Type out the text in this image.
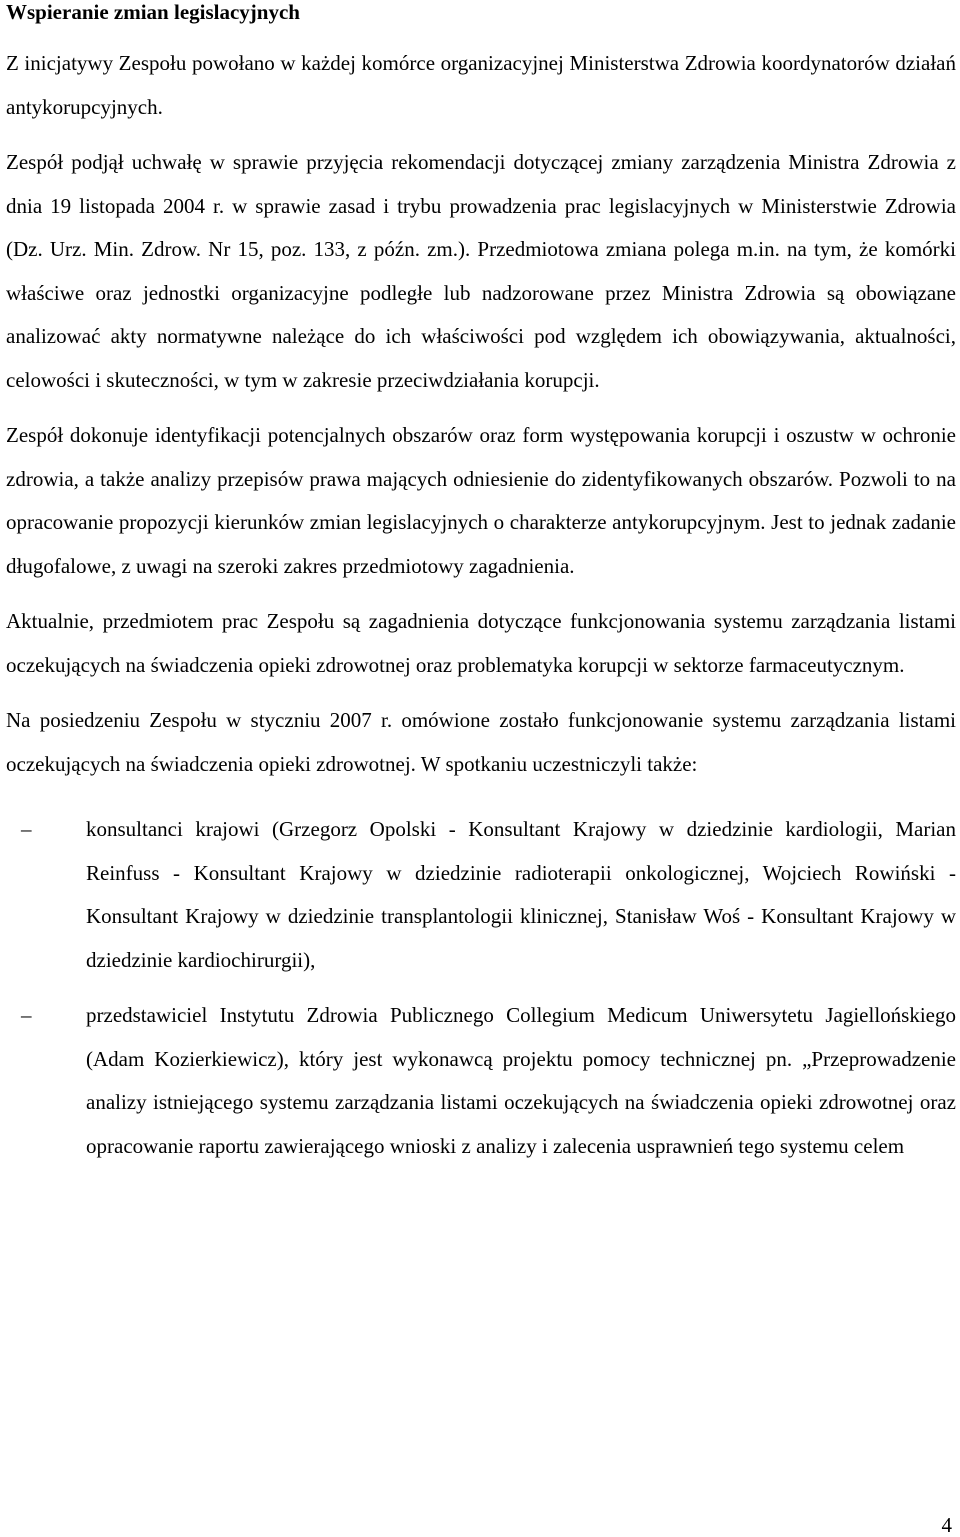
Wspieranie zmian legislacyjnych

Z inicjatywy Zespołu powołano w każdej komórce organizacyjnej Ministerstwa Zdrowia koordynatorów działań antykorupcyjnych.

Zespół podjął uchwałę w sprawie przyjęcia rekomendacji dotyczącej zmiany zarządzenia Ministra Zdrowia z dnia 19 listopada 2004 r. w sprawie zasad i trybu prowadzenia prac legislacyjnych w Ministerstwie Zdrowia (Dz. Urz. Min. Zdrow. Nr 15, poz. 133, z późn. zm.). Przedmiotowa zmiana polega m.in. na tym, że komórki właściwe oraz jednostki organizacyjne podległe lub nadzorowane przez Ministra Zdrowia są obowiązane analizować akty normatywne należące do ich właściwości pod względem ich obowiązywania, aktualności, celowości i skuteczności, w tym w zakresie przeciwdziałania korupcji.

Zespół dokonuje identyfikacji potencjalnych obszarów oraz form występowania korupcji i oszustw w ochronie zdrowia, a także analizy przepisów prawa mających odniesienie do zidentyfikowanych obszarów. Pozwoli to na opracowanie propozycji kierunków zmian legislacyjnych o charakterze antykorupcyjnym. Jest to jednak zadanie długofalowe, z uwagi na szeroki zakres przedmiotowy zagadnienia.

Aktualnie, przedmiotem prac Zespołu są zagadnienia dotyczące funkcjonowania systemu zarządzania listami oczekujących na świadczenia opieki zdrowotnej oraz problematyka korupcji w sektorze farmaceutycznym.

Na posiedzeniu Zespołu w styczniu 2007 r. omówione zostało funkcjonowanie systemu zarządzania listami oczekujących na świadczenia opieki zdrowotnej. W spotkaniu uczestniczyli także:

–	konsultanci krajowi (Grzegorz Opolski - Konsultant Krajowy w dziedzinie kardiologii, Marian Reinfuss - Konsultant Krajowy w dziedzinie radioterapii onkologicznej, Wojciech Rowiński - Konsultant Krajowy w dziedzinie transplantologii klinicznej, Stanisław Woś - Konsultant Krajowy w dziedzinie kardiochirurgii),
–	przedstawiciel Instytutu Zdrowia Publicznego Collegium Medicum Uniwersytetu Jagiellońskiego (Adam Kozierkiewicz), który jest wykonawcą projektu pomocy technicznej pn. „Przeprowadzenie analizy istniejącego systemu zarządzania listami oczekujących na świadczenia opieki zdrowotnej oraz opracowanie raportu zawierającego wnioski z analizy i zalecenia usprawnień tego systemu celem
4
